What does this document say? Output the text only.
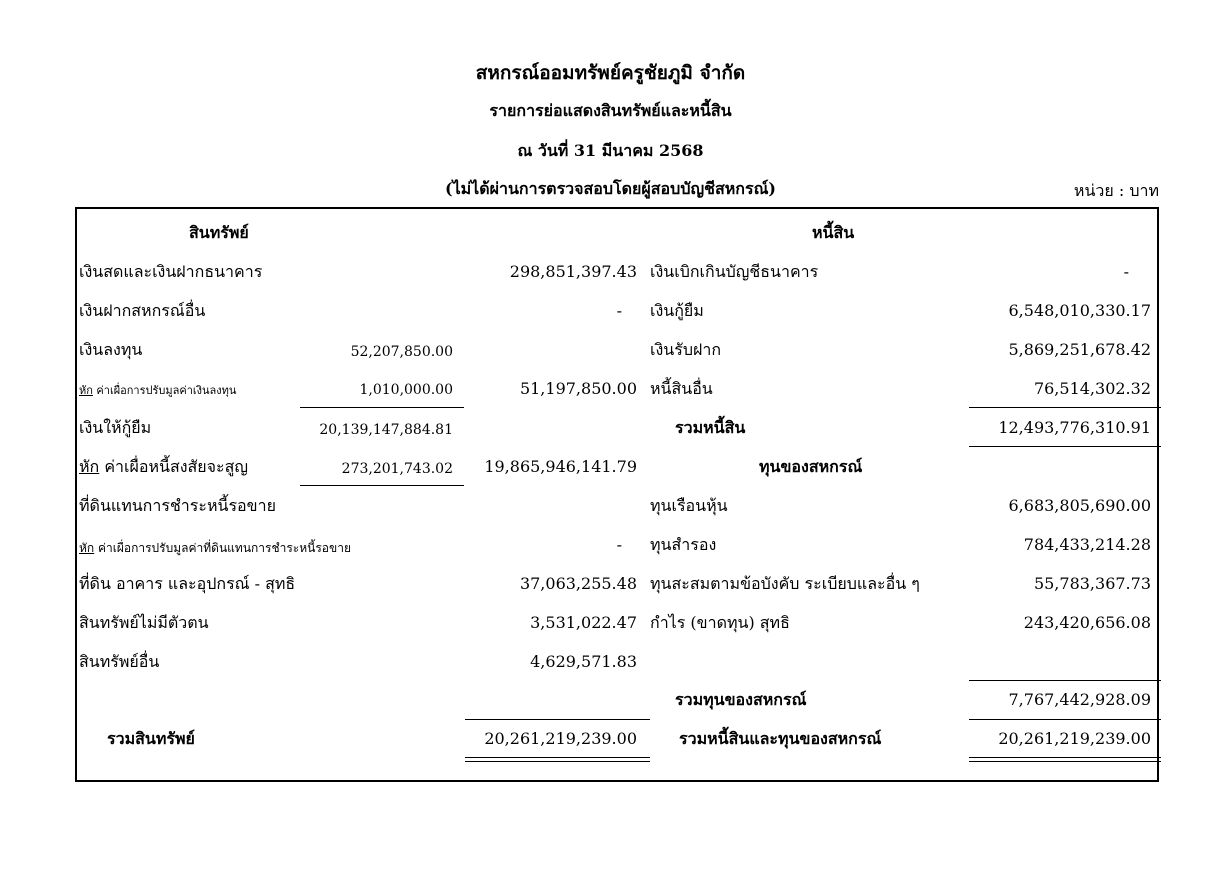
สหกรณ์ออมทรัพย์ครูชัยภูมิ จำกัด
รายการย่อแสดงสินทรัพย์และหนี้สิน
ณ วันที่ 31 มีนาคม 2568
(ไม่ได้ผ่านการตรวจสอบโดยผู้สอบบัญชีสหกรณ์)	หน่วย : บาท
สินทรัพย์	หนี้สิน
เงินสดและเงินฝากธนาคาร	298,851,397.43 เงินเบิกเกินบัญชีธนาคาร	-
เงินฝากสหกรณ์อื่น	- เงินกู้ยืม	6,548,010,330.17
เงินลงทุน	52,207,850.00	เงินรับฝาก	5,869,251,678.42
หัก ค่าเผื่อการปรับมูลค่าเงินลงทุน	1,010,000.00	51,197,850.00 หนี้สินอื่น	76,514,302.32
เงินให้กู้ยืม	20,139,147,884.81	รวมหนี้สิน	12,493,776,310.91
หัก ค่าเผื่อหนี้สงสัยจะสูญ	273,201,743.02 19,865,946,141.79	ทุนของสหกรณ์
ที่ดินแทนการชำระหนี้รอขาย	ทุนเรือนหุ้น	6,683,805,690.00
หัก ค่าเผื่อการปรับมูลค่าที่ดินแทนการชำระหนี้รอขาย	- ทุนสำรอง	784,433,214.28
ที่ดิน อาคาร และอุปกรณ์ - สุทธิ	37,063,255.48 ทุนสะสมตามข้อบังคับ ระเบียบและอื่น ๆ	55,783,367.73
สินทรัพย์ไม่มีตัวตน	3,531,022.47 กำไร (ขาดทุน) สุทธิ	243,420,656.08
สินทรัพย์อื่น	4,629,571.83
รวมทุนของสหกรณ์	7,767,442,928.09
รวมสินทรัพย์	20,261,219,239.00	รวมหนี้สินและทุนของสหกรณ์	20,261,219,239.00
